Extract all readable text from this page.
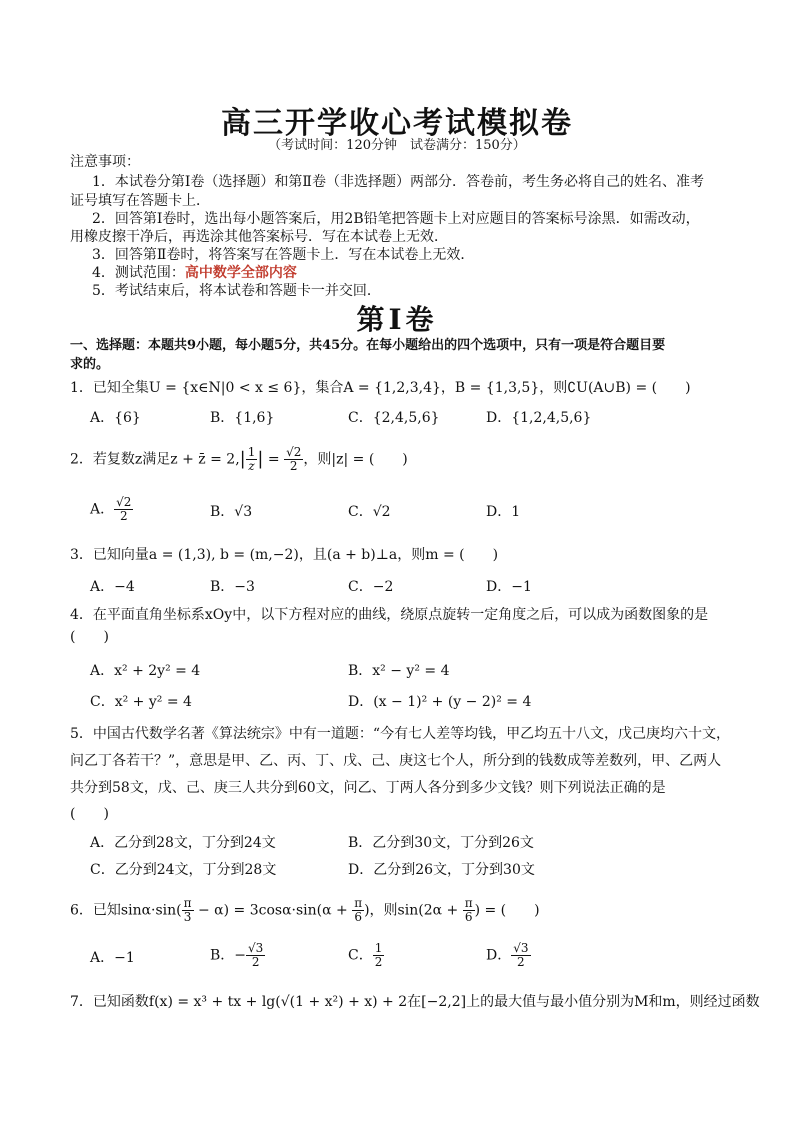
高三开学收心考试模拟卷
（考试时间：120分钟　试卷满分：150分）
注意事项：
1．本试卷分第Ⅰ卷（选择题）和第Ⅱ卷（非选择题）两部分．答卷前，考生务必将自己的姓名、准考
证号填写在答题卡上．
2．回答第Ⅰ卷时，选出每小题答案后，用2B铅笔把答题卡上对应题目的答案标号涂黑．如需改动，
用橡皮擦干净后，再选涂其他答案标号．写在本试卷上无效．
3．回答第Ⅱ卷时，将答案写在答题卡上．写在本试卷上无效．
4．测试范围：高中数学全部内容
5．考试结束后，将本试卷和答题卡一并交回．
第Ⅰ卷
一、选择题：本题共9小题，每小题5分，共45分。在每小题给出的四个选项中，只有一项是符合题目要
求的。
1．已知全集U = {x∈N|0 < x ≤ 6}，集合A = {1,2,3,4}，B = {1,3,5}，则∁U(A∪B) = (　　)
A．{6}	B．{1,6}	C．{2,4,5,6}	D．{1,2,4,5,6}
2．若复数z满足z + z̄ = $2,| \frac{1}{z}$ | = $\frac{√2}{2}$ ，则|z| = (　　)
A． $\frac{√2}{2}$	B．√3	C．√2	D．1
3．已知向量a = (1,3), b = (m,−2)，且(a + b)⊥a，则m = (　　)
A．−4	B．−3	C．−2	D．−1
4．在平面直角坐标系xOy中，以下方程对应的曲线，绕原点旋转一定角度之后，可以成为函数图象的是
(　　)
A．x² + 2y² = 4	B．x² − y² = 4
C．x² + y² = 4	D．(x − 1)² + (y − 2)² = 4
5．中国古代数学名著《算法统宗》中有一道题：“今有七人差等均钱，甲乙均五十八文，戊己庚均六十文，
问乙丁各若干？”，意思是甲、乙、丙、丁、戊、己、庚这七个人，所分到的钱数成等差数列，甲、乙两人
共分到58文，戊、己、庚三人共分到60文，问乙、丁两人各分到多少文钱？则下列说法正确的是
(　　)
A．乙分到28文，丁分到24文	B．乙分到30文，丁分到26文
C．乙分到24文，丁分到28文	D．乙分到26文，丁分到30文
6．已知$\sin\alpha\cdot\sin( \frac{\pi}{3} - \alpha) = 3\cos\alpha\cdot\sin(\alpha + \frac{\pi}{6}$ )，则$\sin(2\alpha + \frac{\pi}{6}$ ) = (　　)
A．−1	B．− $\frac{√3}{2}$	C． $\frac{1}{2}$	D． $\frac{√3}{2}$
7．已知函数f(x) = x³ + tx + lg(√(1 + x²) + x) + 2在[−2,2]上的最大值与最小值分别为M和m，则经过函数
